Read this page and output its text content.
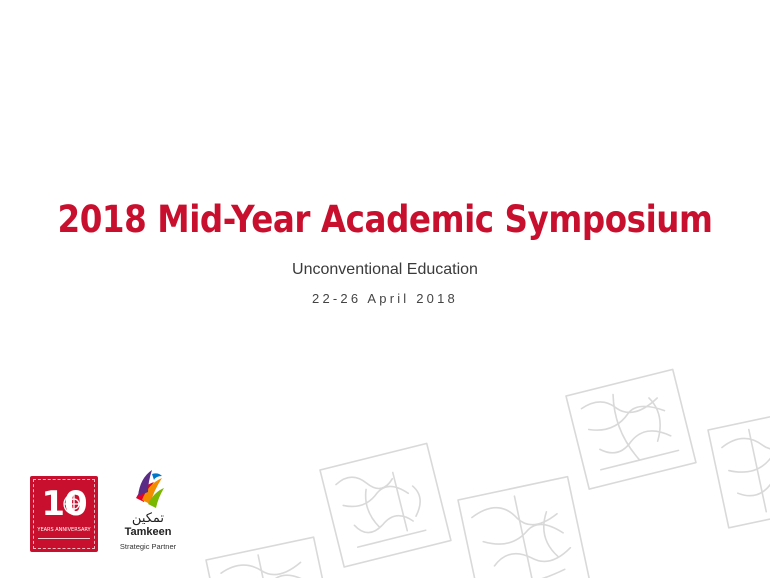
2018 Mid-Year Academic Symposium
Unconventional Education
22-26 April 2018
10
YEARS ANNIVERSARY
تمكين
Tamkeen
Strategic Partner
